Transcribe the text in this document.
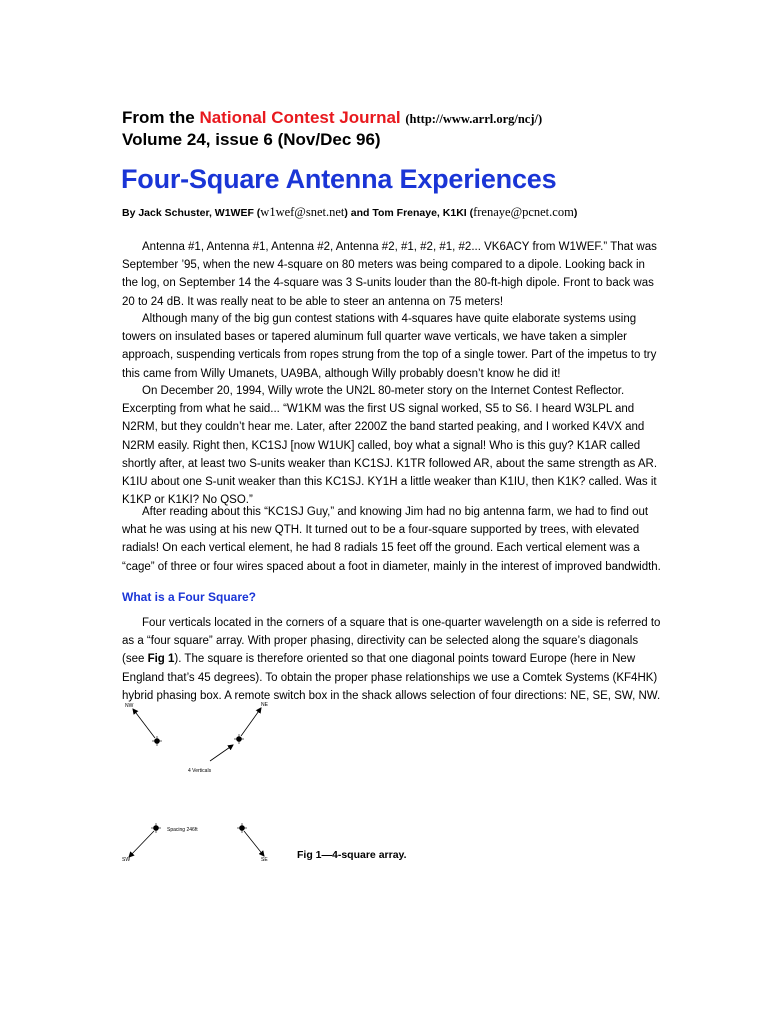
From the National Contest Journal (http://www.arrl.org/ncj/)
Volume 24, issue 6 (Nov/Dec 96)
Four-Square Antenna Experiences
By Jack Schuster, W1WEF (w1wef@snet.net) and Tom Frenaye, K1KI (frenaye@pcnet.com)

Antenna #1, Antenna #1, Antenna #2, Antenna #2, #1, #2, #1, #2... VK6ACY from W1WEF.” That was September ’95, when the new 4-square on 80 meters was being compared to a dipole. Looking back in the log, on September 14 the 4-square was 3 S-units louder than the 80-ft-high dipole. Front to back was 20 to 24 dB. It was really neat to be able to steer an antenna on 75 meters!

Although many of the big gun contest stations with 4-squares have quite elaborate systems using towers on insulated bases or tapered aluminum full quarter wave verticals, we have taken a simpler approach, suspending verticals from ropes strung from the top of a single tower. Part of the impetus to try this came from Willy Umanets, UA9BA, although Willy probably doesn’t know he did it!

On December 20, 1994, Willy wrote the UN2L 80-meter story on the Internet Contest Reflector. Excerpting from what he said... “W1KM was the first US signal worked, S5 to S6. I heard W3LPL and N2RM, but they couldn’t hear me. Later, after 2200Z the band started peaking, and I worked K4VX and N2RM easily. Right then, KC1SJ [now W1UK] called, boy what a signal! Who is this guy? K1AR called shortly after, at least two S-units weaker than KC1SJ. K1TR followed AR, about the same strength as AR. K1IU about one S-unit weaker than this KC1SJ. KY1H a little weaker than K1IU, then K1K? called. Was it K1KP or K1KI? No QSO.”

After reading about this “KC1SJ Guy,” and knowing Jim had no big antenna farm, we had to find out what he was using at his new QTH. It turned out to be a four-square supported by trees, with elevated radials! On each vertical element, he had 8 radials 15 feet off the ground. Each vertical element was a “cage” of three or four wires spaced about a foot in diameter, mainly in the interest of improved bandwidth.

What is a Four Square?

Four verticals located in the corners of a square that is one-quarter wavelength on a side is referred to as a “four square” array. With proper phasing, directivity can be selected along the square’s diagonals (see Fig 1). The square is therefore oriented so that one diagonal points toward Europe (here in New England that’s 45 degrees). To obtain the proper phase relationships we use a Comtek Systems (KF4HK) hybrid phasing box. A remote switch box in the shack allows selection of four directions: NE, SE, SW, NW.

NW	NE
4 Verticals
SW	SE
Spacing 246ft
Fig 1—4-square array.
